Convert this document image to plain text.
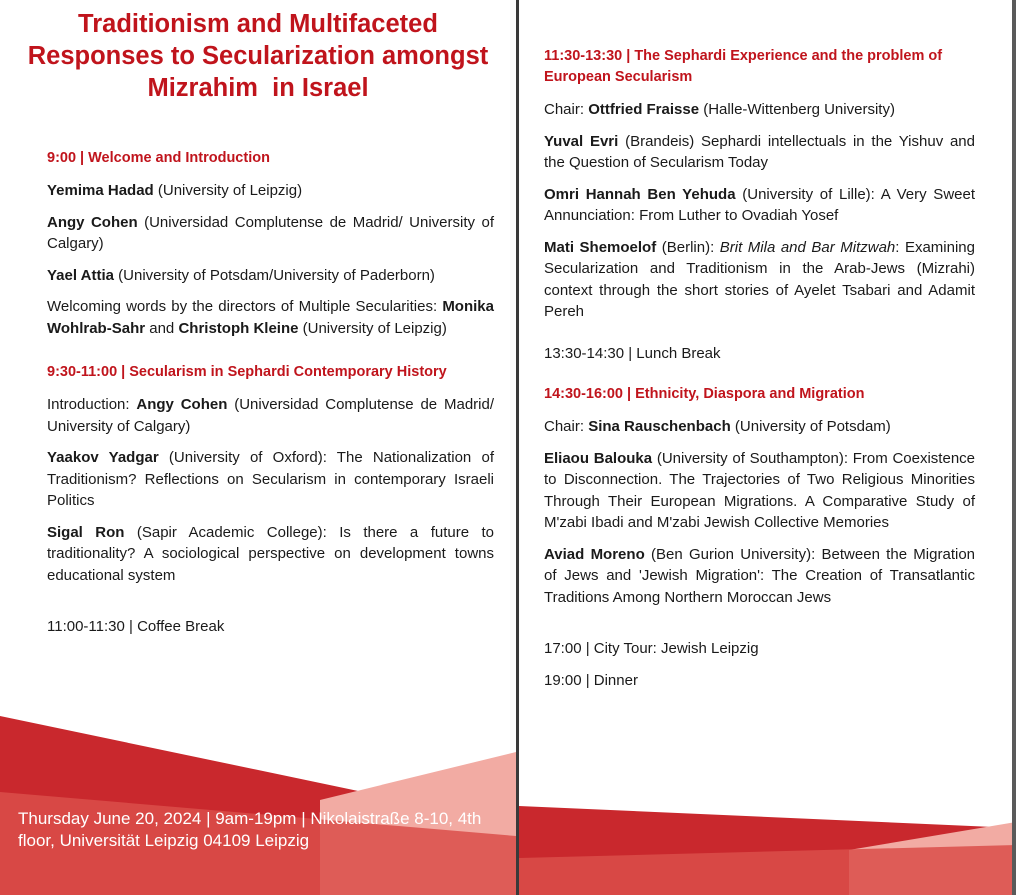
Traditionism and Multifaceted
Responses to Secularization amongst
Mizrahim  in Israel
9:00 | Welcome and Introduction

Yemima Hadad (University of Leipzig)

Angy Cohen (Universidad Complutense de Madrid/ University of Calgary)

Yael Attia (University of Potsdam/University of Paderborn)

Welcoming words by the directors of Multiple Secularities: Monika Wohlrab-Sahr and Christoph Kleine (University of Leipzig)

9:30-11:00 | Secularism in Sephardi Contemporary History

Introduction: Angy Cohen (Universidad Complutense de Madrid/ University of Calgary)

Yaakov Yadgar (University of Oxford): The Nationalization of Traditionism? Reflections on Secularism in contemporary Israeli Politics

Sigal Ron (Sapir Academic College): Is there a future to traditionality? A sociological perspective on development towns educational system

11:00-11:30 | Coffee Break

Thursday June 20, 2024 | 9am-19pm | Nikolaistraße 8-10, 4th
floor, Universität Leipzig 04109 Leipzig
11:30-13:30 | The Sephardi Experience and the problem of European Secularism

Chair: Ottfried Fraisse (Halle-Wittenberg University)

Yuval Evri (Brandeis) Sephardi intellectuals in the Yishuv and the Question of Secularism Today

Omri Hannah Ben Yehuda (University of Lille): A Very Sweet Annunciation: From Luther to Ovadiah Yosef

Mati Shemoelof (Berlin): Brit Mila and Bar Mitzwah: Examining Secularization and Traditionism in the Arab-Jews (Mizrahi) context through the short stories of Ayelet Tsabari and Adamit Pereh

13:30-14:30 | Lunch Break

14:30-16:00 | Ethnicity, Diaspora and Migration

Chair: Sina Rauschenbach (University of Potsdam)

Eliaou Balouka (University of Southampton): From Coexistence to Disconnection. The Trajectories of Two Religious Minorities Through Their European Migrations. A Comparative Study of M'zabi Ibadi and M'zabi Jewish Collective Memories

Aviad Moreno (Ben Gurion University): Between the Migration of Jews and 'Jewish Migration': The Creation of Transatlantic Traditions Among Northern Moroccan Jews

17:00 | City Tour: Jewish Leipzig

19:00 | Dinner
